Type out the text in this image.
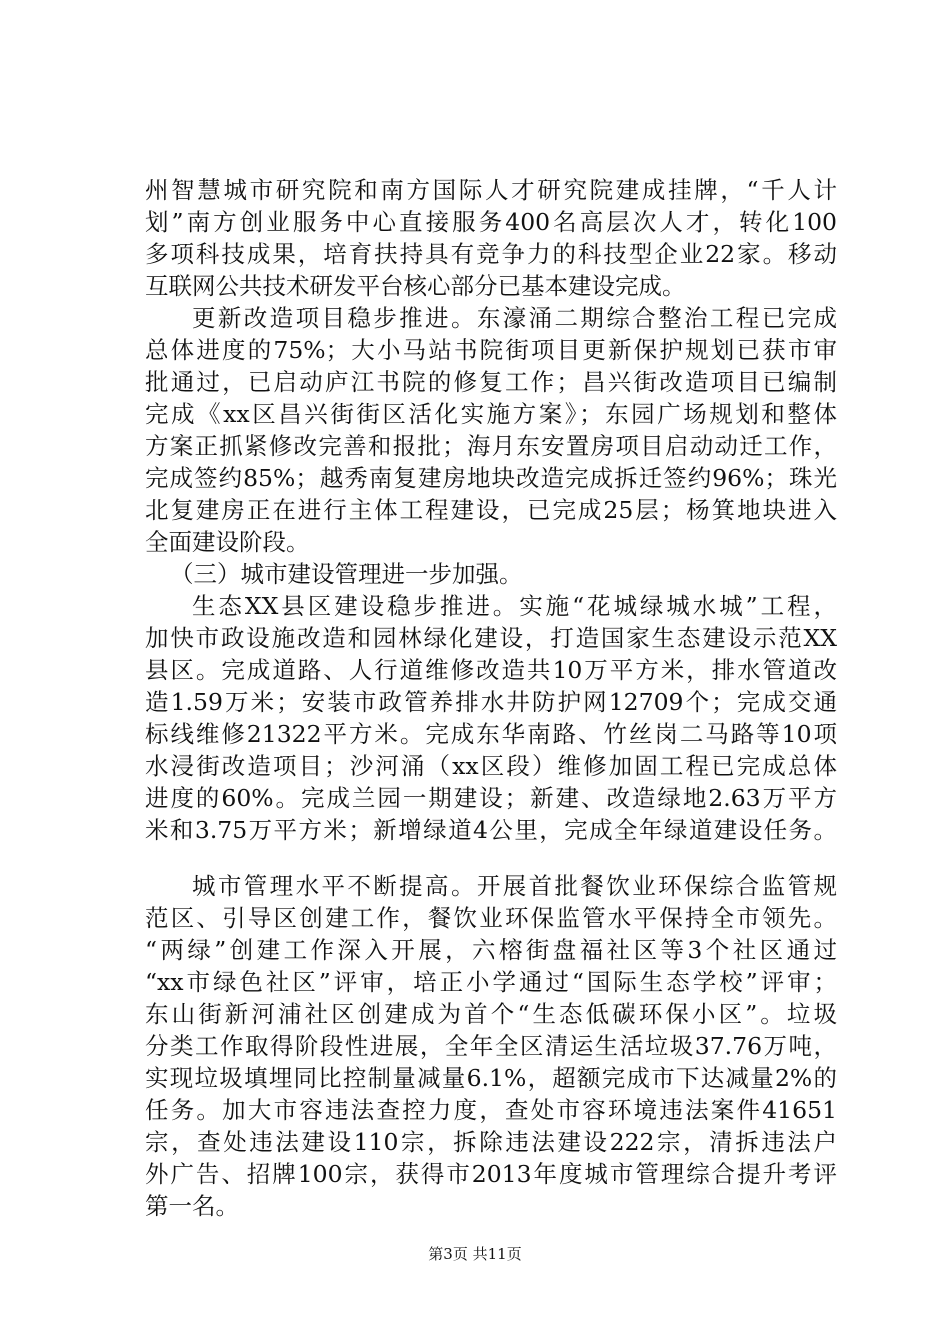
州智慧城市研究院和南方国际人才研究院建成挂牌，“千人计
划”南方创业服务中心直接服务400名高层次人才，转化100
多项科技成果，培育扶持具有竞争力的科技型企业22家。移动
互联网公共技术研发平台核心部分已基本建设完成。
更新改造项目稳步推进。东濠涌二期综合整治工程已完成
总体进度的75%；大小马站书院街项目更新保护规划已获市审
批通过，已启动庐江书院的修复工作；昌兴街改造项目已编制
完成《xx区昌兴街街区活化实施方案》；东园广场规划和整体
方案正抓紧修改完善和报批；海月东安置房项目启动动迁工作，
完成签约85%；越秀南复建房地块改造完成拆迁签约96%；珠光
北复建房正在进行主体工程建设，已完成25层；杨箕地块进入
全面建设阶段。
（三）城市建设管理进一步加强。
生态XX县区建设稳步推进。实施“花城绿城水城”工程，
加快市政设施改造和园林绿化建设，打造国家生态建设示范XX
县区。完成道路、人行道维修改造共10万平方米，排水管道改
造1.59万米；安装市政管养排水井防护网12709个；完成交通
标线维修21322平方米。完成东华南路、竹丝岗二马路等10项
水浸街改造项目；沙河涌（xx区段）维修加固工程已完成总体
进度的60%。完成兰园一期建设；新建、改造绿地2.63万平方
米和3.75万平方米；新增绿道4公里，完成全年绿道建设任务。
城市管理水平不断提高。开展首批餐饮业环保综合监管规
范区、引导区创建工作，餐饮业环保监管水平保持全市领先。
“两绿”创建工作深入开展，六榕街盘福社区等3个社区通过
“xx市绿色社区”评审，培正小学通过“国际生态学校”评审；
东山街新河浦社区创建成为首个“生态低碳环保小区”。垃圾
分类工作取得阶段性进展，全年全区清运生活垃圾37.76万吨，
实现垃圾填埋同比控制量减量6.1%，超额完成市下达减量2%的
任务。加大市容违法查控力度，查处市容环境违法案件41651
宗，查处违法建设110宗，拆除违法建设222宗，清拆违法户
外广告、招牌100宗，获得市2013年度城市管理综合提升考评
第一名。
第3页 共11页
